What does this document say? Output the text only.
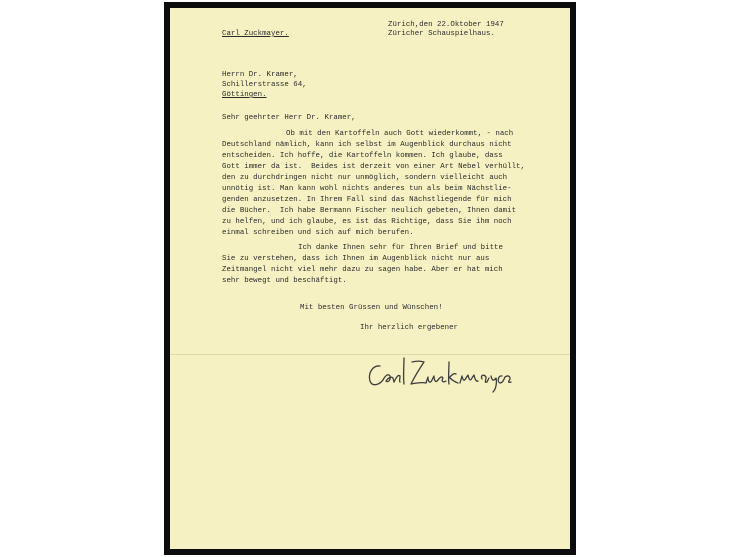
Carl Zuckmayer.
Zürich,den 22.Oktober 1947
Züricher Schauspielhaus.
Herrn Dr. Kramer,
Schillerstrasse 64,
Göttingen.
Sehr geehrter Herr Dr. Kramer,
Ob mit den Kartoffeln auch Gott wiederkommt, - nach
Deutschland nämlich, kann ich selbst im Augenblick durchaus nicht
entscheiden. Ich hoffe, die Kartoffeln kommen. Ich glaube, dass
Gott immer da ist.  Beides ist derzeit von einer Art Nebel verhüllt,
den zu durchdringen nicht nur unmöglich, sondern vielleicht auch
unnötig ist. Man kann wohl nichts anderes tun als beim Nächstlie-
genden anzusetzen. In Ihrem Fall sind das Nächstliegende für mich
die Bücher.  Ich habe Bermann Fischer neulich gebeten, Ihnen damit
zu helfen, und ich glaube, es ist das Richtige, dass Sie ihm noch
einmal schreiben und sich auf mich berufen.
Ich danke Ihnen sehr für Ihren Brief und bitte
Sie zu verstehen, dass ich Ihnen im Augenblick nicht nur aus
Zeitmangel nicht viel mehr dazu zu sagen habe. Aber er hat mich
sehr bewegt und beschäftigt.
Mit besten Grüssen und Wünschen!
Ihr herzlich ergebener
